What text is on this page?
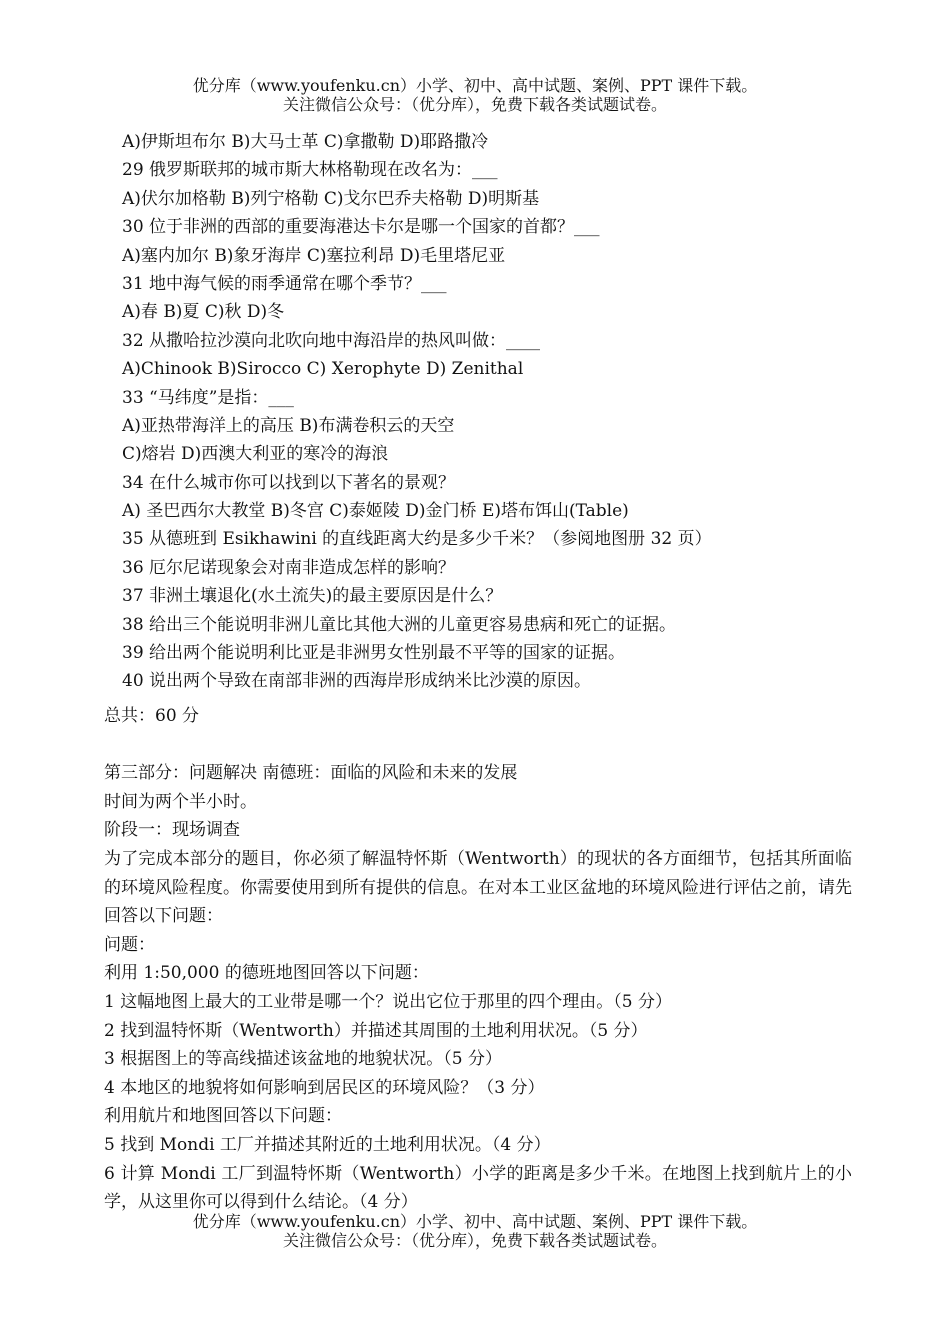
优分库（www.youfenku.cn）小学、初中、高中试题、案例、PPT 课件下载。
关注微信公众号：（优分库），免费下载各类试题试卷。
A)伊斯坦布尔 B)大马士革 C)拿撒勒 D)耶路撒冷
29 俄罗斯联邦的城市斯大林格勒现在改名为：___
A)伏尔加格勒 B)列宁格勒 C)戈尔巴乔夫格勒 D)明斯基
30 位于非洲的西部的重要海港达卡尔是哪一个国家的首都？___
A)塞内加尔 B)象牙海岸 C)塞拉利昂 D)毛里塔尼亚
31 地中海气候的雨季通常在哪个季节？___
A)春 B)夏 C)秋 D)冬
32 从撒哈拉沙漠向北吹向地中海沿岸的热风叫做：____
A)Chinook B)Sirocco C) Xerophyte D) Zenithal
33 “马纬度”是指：___
A)亚热带海洋上的高压 B)布满卷积云的天空
C)熔岩 D)西澳大利亚的寒冷的海浪
34 在什么城市你可以找到以下著名的景观？
A) 圣巴西尔大教堂 B)冬宫 C)泰姬陵 D)金门桥 E)塔布饵山(Table)
35 从德班到 Esikhawini 的直线距离大约是多少千米？（参阅地图册 32 页）
36 厄尔尼诺现象会对南非造成怎样的影响？
37 非洲土壤退化(水土流失)的最主要原因是什么？
38 给出三个能说明非洲儿童比其他大洲的儿童更容易患病和死亡的证据。
39 给出两个能说明利比亚是非洲男女性别最不平等的国家的证据。
40 说出两个导致在南部非洲的西海岸形成纳米比沙漠的原因。
总共：60 分
第三部分：问题解决 南德班：面临的风险和未来的发展
时间为两个半小时。
阶段一：现场调查
为了完成本部分的题目，你必须了解温特怀斯（Wentworth）的现状的各方面细节，包括其所面临的环境风险程度。你需要使用到所有提供的信息。在对本工业区盆地的环境风险进行评估之前，请先回答以下问题：
问题：
利用 1:50,000 的德班地图回答以下问题：
1 这幅地图上最大的工业带是哪一个？说出它位于那里的四个理由。（5 分）
2 找到温特怀斯（Wentworth）并描述其周围的土地利用状况。（5 分）
3 根据图上的等高线描述该盆地的地貌状况。（5 分）
4 本地区的地貌将如何影响到居民区的环境风险？（3 分）
利用航片和地图回答以下问题：
5 找到 Mondi 工厂并描述其附近的土地利用状况。（4 分）
6 计算 Mondi 工厂到温特怀斯（Wentworth）小学的距离是多少千米。在地图上找到航片上的小学，从这里你可以得到什么结论。（4 分）
优分库（www.youfenku.cn）小学、初中、高中试题、案例、PPT 课件下载。
关注微信公众号：（优分库），免费下载各类试题试卷。
